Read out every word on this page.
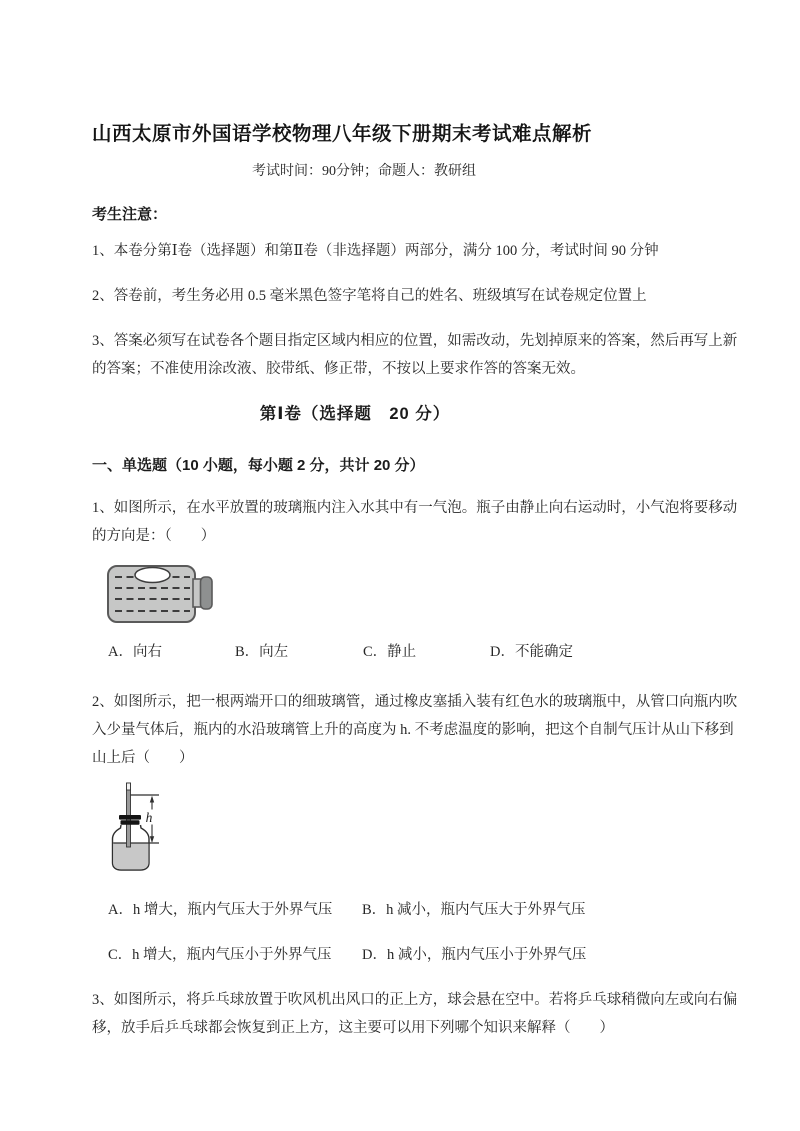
山西太原市外国语学校物理八年级下册期末考试难点解析
考试时间：90分钟；命题人：教研组
考生注意：
1、本卷分第Ⅰ卷（选择题）和第Ⅱ卷（非选择题）两部分，满分 100 分，考试时间 90 分钟
2、答卷前，考生务必用 0.5 毫米黑色签字笔将自己的姓名、班级填写在试卷规定位置上
3、答案必须写在试卷各个题目指定区域内相应的位置，如需改动，先划掉原来的答案，然后再写上新
的答案；不准使用涂改液、胶带纸、修正带，不按以上要求作答的答案无效。
第Ⅰ卷（选择题　20 分）
一、单选题（10 小题，每小题 2 分，共计 20 分）
1、如图所示，在水平放置的玻璃瓶内注入水其中有一气泡。瓶子由静止向右运动时，小气泡将要移动
的方向是：（　　）
A．向右	B．向左	C．静止	D．不能确定
2、如图所示，把一根两端开口的细玻璃管，通过橡皮塞插入装有红色水的玻璃瓶中，从管口向瓶内吹
入少量气体后，瓶内的水沿玻璃管上升的高度为 h. 不考虑温度的影响，把这个自制气压计从山下移到
山上后（　　）
h
A．h 增大，瓶内气压大于外界气压 B．h 减小，瓶内气压大于外界气压
C．h 增大，瓶内气压小于外界气压 D．h 减小，瓶内气压小于外界气压
3、如图所示，将乒乓球放置于吹风机出风口的正上方，球会悬在空中。若将乒乓球稍微向左或向右偏
移，放手后乒乓球都会恢复到正上方，这主要可以用下列哪个知识来解释（　　）
